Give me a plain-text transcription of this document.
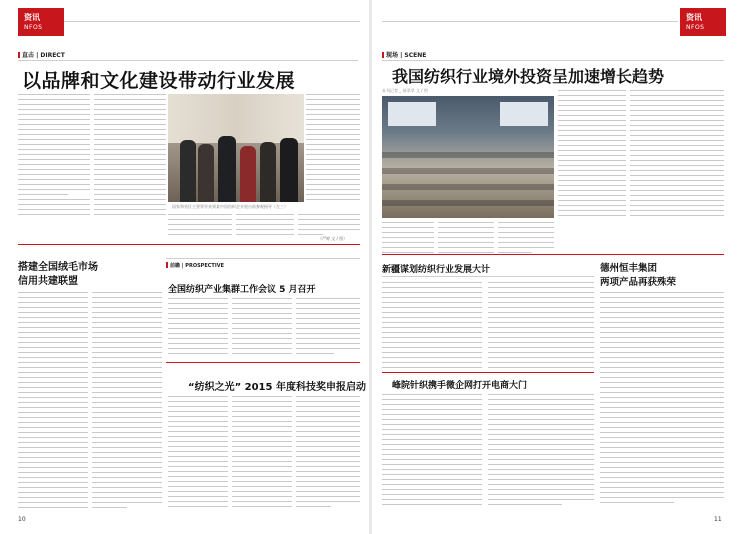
资讯
NFOS
直击 | DIRECT
以品牌和文化建设带动行业发展
国家和省区主要领导来到某中国纺织企业展台前参观指导（左三）
（严婷 文 / 图）
搭建全国绒毛市场
信用共建联盟
前瞻 | PROSPECTIVE
全国纺织产业集群工作会议 5 月召开
“纺织之光” 2015 年度科技奖申报启动
10
资讯
NFOS
现场 | SCENE
我国纺织行业境外投资呈加速增长趋势
本刊记者 _ 郝翠翠 文 / 图
新疆谋划纺织行业发展大计
峰院针织携手微企网打开电商大门
德州恒丰集团
两项产品再获殊荣
11
